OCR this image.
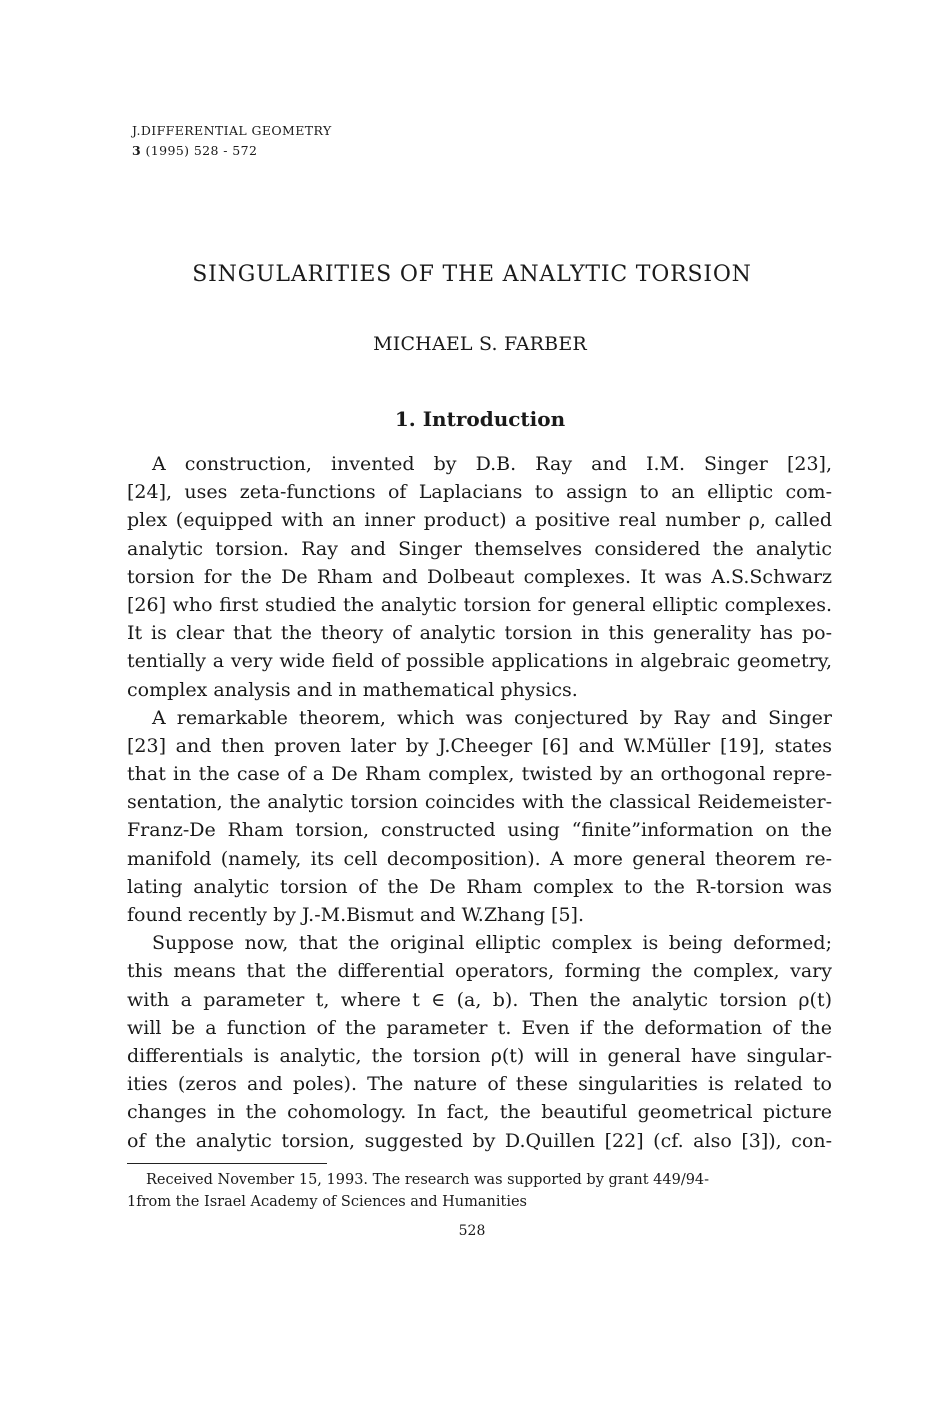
J.DIFFERENTIAL GEOMETRY
3 (1995) 528 - 572
SINGULARITIES OF THE ANALYTIC TORSION
MICHAEL S. FARBER
1. Introduction
A construction, invented by D.B. Ray and I.M. Singer [23],
[24], uses zeta-functions of Laplacians to assign to an elliptic com-
plex (equipped with an inner product) a positive real number ρ, called
analytic torsion. Ray and Singer themselves considered the analytic
torsion for the De Rham and Dolbeaut complexes. It was A.S.Schwarz
[26] who first studied the analytic torsion for general elliptic complexes.
It is clear that the theory of analytic torsion in this generality has po-
tentially a very wide field of possible applications in algebraic geometry,
complex analysis and in mathematical physics.
A remarkable theorem, which was conjectured by Ray and Singer
[23] and then proven later by J.Cheeger [6] and W.Müller [19], states
that in the case of a De Rham complex, twisted by an orthogonal repre-
sentation, the analytic torsion coincides with the classical Reidemeister-
Franz-De Rham torsion, constructed using “finite”information on the
manifold (namely, its cell decomposition). A more general theorem re-
lating analytic torsion of the De Rham complex to the R-torsion was
found recently by J.-M.Bismut and W.Zhang [5].
Suppose now, that the original elliptic complex is being deformed;
this means that the differential operators, forming the complex, vary
with a parameter t, where t ∈ (a, b). Then the analytic torsion ρ(t)
will be a function of the parameter t. Even if the deformation of the
differentials is analytic, the torsion ρ(t) will in general have singular-
ities (zeros and poles). The nature of these singularities is related to
changes in the cohomology. In fact, the beautiful geometrical picture
of the analytic torsion, suggested by D.Quillen [22] (cf. also [3]), con-
Received November 15, 1993. The research was supported by grant 449/94-
1from the Israel Academy of Sciences and Humanities
528
